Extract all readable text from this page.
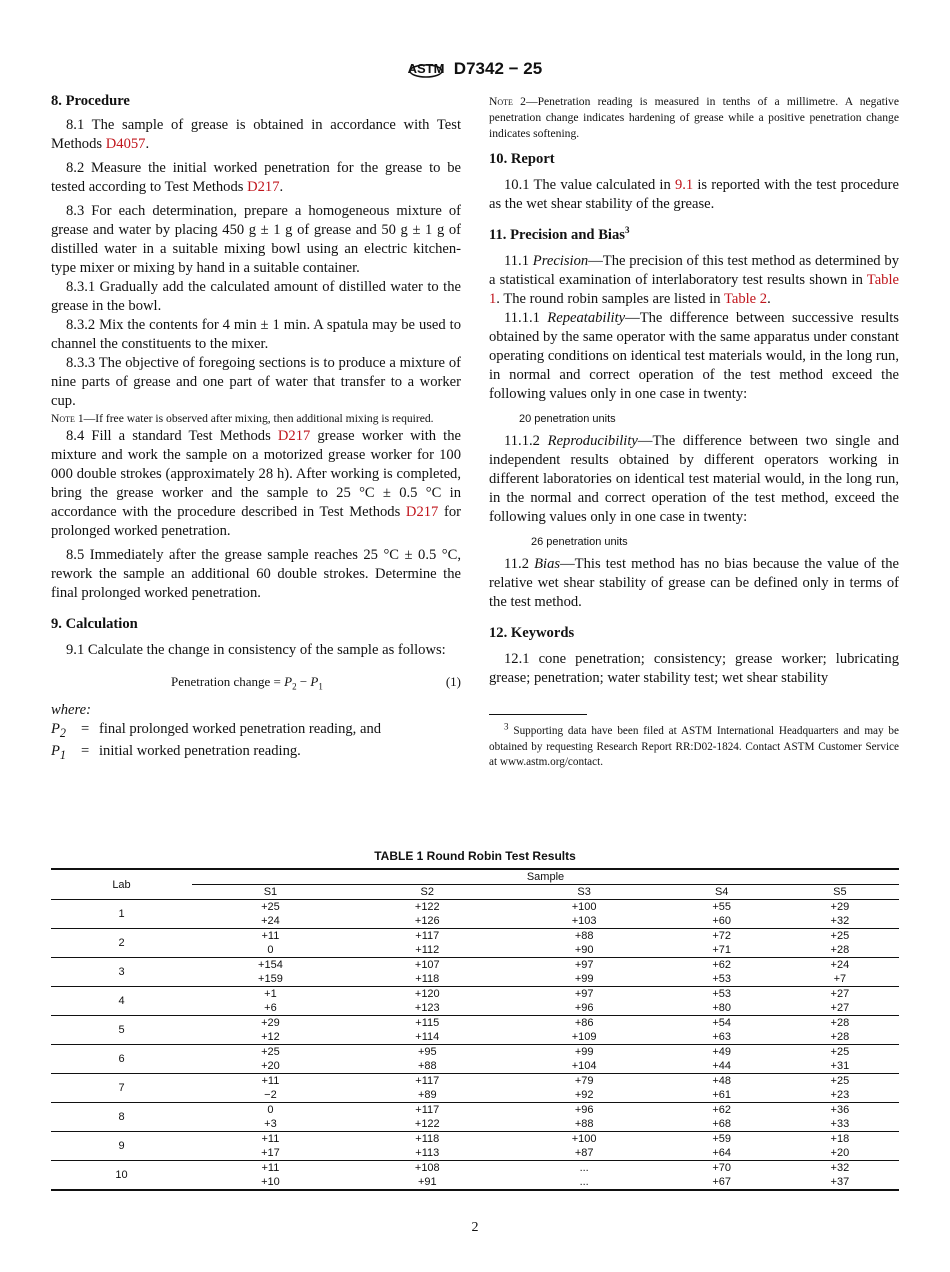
ASTM D7342 − 25
8. Procedure

8.1 The sample of grease is obtained in accordance with Test Methods D4057.

8.2 Measure the initial worked penetration for the grease to be tested according to Test Methods D217.

8.3 For each determination, prepare a homogeneous mixture of grease and water by placing 450 g ± 1 g of grease and 50 g ± 1 g of distilled water in a suitable mixing bowl using an electric kitchen-type mixer or mixing by hand in a suitable container.

8.3.1 Gradually add the calculated amount of distilled water to the grease in the bowl.

8.3.2 Mix the contents for 4 min ± 1 min. A spatula may be used to channel the constituents to the mixer.

8.3.3 The objective of foregoing sections is to produce a mixture of nine parts of grease and one part of water that transfer to a worker cup.

Note 1—If free water is observed after mixing, then additional mixing is required.

8.4 Fill a standard Test Methods D217 grease worker with the mixture and work the sample on a motorized grease worker for 100 000 double strokes (approximately 28 h). After working is completed, bring the grease worker and the sample to 25 °C ± 0.5 °C in accordance with the procedure described in Test Methods D217 for prolonged worked penetration.

8.5 Immediately after the grease sample reaches 25 °C ± 0.5 °C, rework the sample an additional 60 double strokes. Determine the final prolonged worked penetration.

9. Calculation

9.1 Calculate the change in consistency of the sample as follows:

Penetration change = $P_2 - P_1$	(1)
where:
$P_2$	= final prolonged worked penetration reading, and
$P_1$	= initial worked penetration reading.

Note 2—Penetration reading is measured in tenths of a millimetre. A negative penetration change indicates hardening of grease while a positive penetration change indicates softening.

10. Report

10.1 The value calculated in 9.1 is reported with the test procedure as the wet shear stability of the grease.

11. Precision and Bias$^3$

11.1 Precision—The precision of this test method as determined by a statistical examination of interlaboratory test results shown in Table 1. The round robin samples are listed in Table 2.

11.1.1 Repeatability—The difference between successive results obtained by the same operator with the same apparatus under constant operating conditions on identical test materials would, in the long run, in normal and correct operation of the test method exceed the following values only in one case in twenty:

20 penetration units

11.1.2 Reproducibility—The difference between two single and independent results obtained by different operators working in different laboratories on identical test material would, in the long run, in the normal and correct operation of the test method, exceed the following values only in one case in twenty:

26 penetration units

11.2 Bias—This test method has no bias because the value of the relative wet shear stability of grease can be defined only in terms of the test method.

12. Keywords

12.1 cone penetration; consistency; grease worker; lubricating grease; penetration; water stability test; wet shear stability

$^3$ Supporting data have been filed at ASTM International Headquarters and may be obtained by requesting Research Report RR:D02-1824. Contact ASTM Customer Service at www.astm.org/contact.
TABLE 1 Round Robin Test Results
Lab	Sample				
	S1	S2	S3	S4	S5
1	+25	+122	+100	+55	+29
	+24	+126	+103	+60	+32
2	+11	+117	+88	+72	+25
	0	+112	+90	+71	+28
3	+154	+107	+97	+62	+24
	+159	+118	+99	+53	+7
4	+1	+120	+97	+53	+27
	+6	+123	+96	+80	+27
5	+29	+115	+86	+54	+28
	+12	+114	+109	+63	+28
6	+25	+95	+99	+49	+25
	+20	+88	+104	+44	+31
7	+11	+117	+79	+48	+25
	−2	+89	+92	+61	+23
8	0	+117	+96	+62	+36
	+3	+122	+88	+68	+33
9	+11	+118	+100	+59	+18
	+17	+113	+87	+64	+20
10	+11	+108	...	+70	+32
	+10	+91	...	+67	+37
2
